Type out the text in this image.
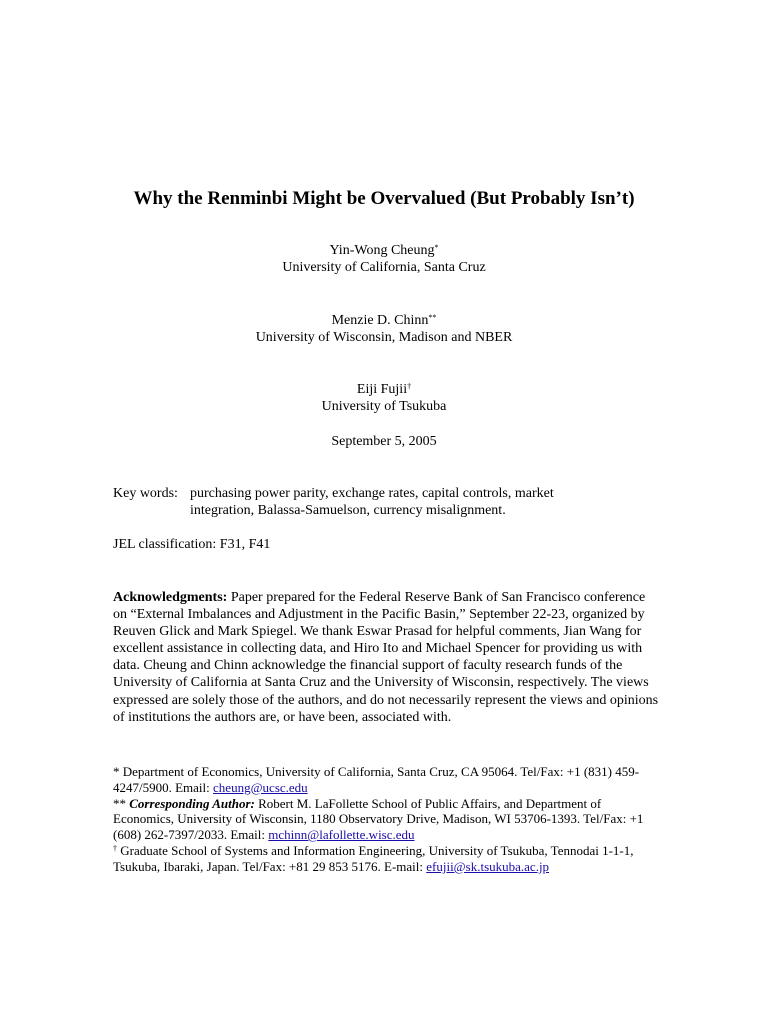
Why the Renminbi Might be Overvalued (But Probably Isn’t)
Yin-Wong Cheung*
University of California, Santa Cruz
Menzie D. Chinn**
University of Wisconsin, Madison and NBER
Eiji Fujii†
University of Tsukuba
September 5, 2005
Key words: purchasing power parity, exchange rates, capital controls, market
integration, Balassa-Samuelson, currency misalignment.
JEL classification: F31, F41
Acknowledgments: Paper prepared for the Federal Reserve Bank of San Francisco conference on “External Imbalances and Adjustment in the Pacific Basin,” September 22-23, organized by Reuven Glick and Mark Spiegel. We thank Eswar Prasad for helpful comments, Jian Wang for excellent assistance in collecting data, and Hiro Ito and Michael Spencer for providing us with data. Cheung and Chinn acknowledge the financial support of faculty research funds of the University of California at Santa Cruz and the University of Wisconsin, respectively. The views expressed are solely those of the authors, and do not necessarily represent the views and opinions of institutions the authors are, or have been, associated with.
* Department of Economics, University of California, Santa Cruz, CA 95064. Tel/Fax: +1 (831) 459-4247/5900. Email: cheung@ucsc.edu
** Corresponding Author: Robert M. LaFollette School of Public Affairs, and Department of Economics, University of Wisconsin, 1180 Observatory Drive, Madison, WI 53706-1393. Tel/Fax: +1 (608) 262-7397/2033. Email: mchinn@lafollette.wisc.edu
† Graduate School of Systems and Information Engineering, University of Tsukuba, Tennodai 1-1-1, Tsukuba, Ibaraki, Japan. Tel/Fax: +81 29 853 5176. E-mail: efujii@sk.tsukuba.ac.jp
